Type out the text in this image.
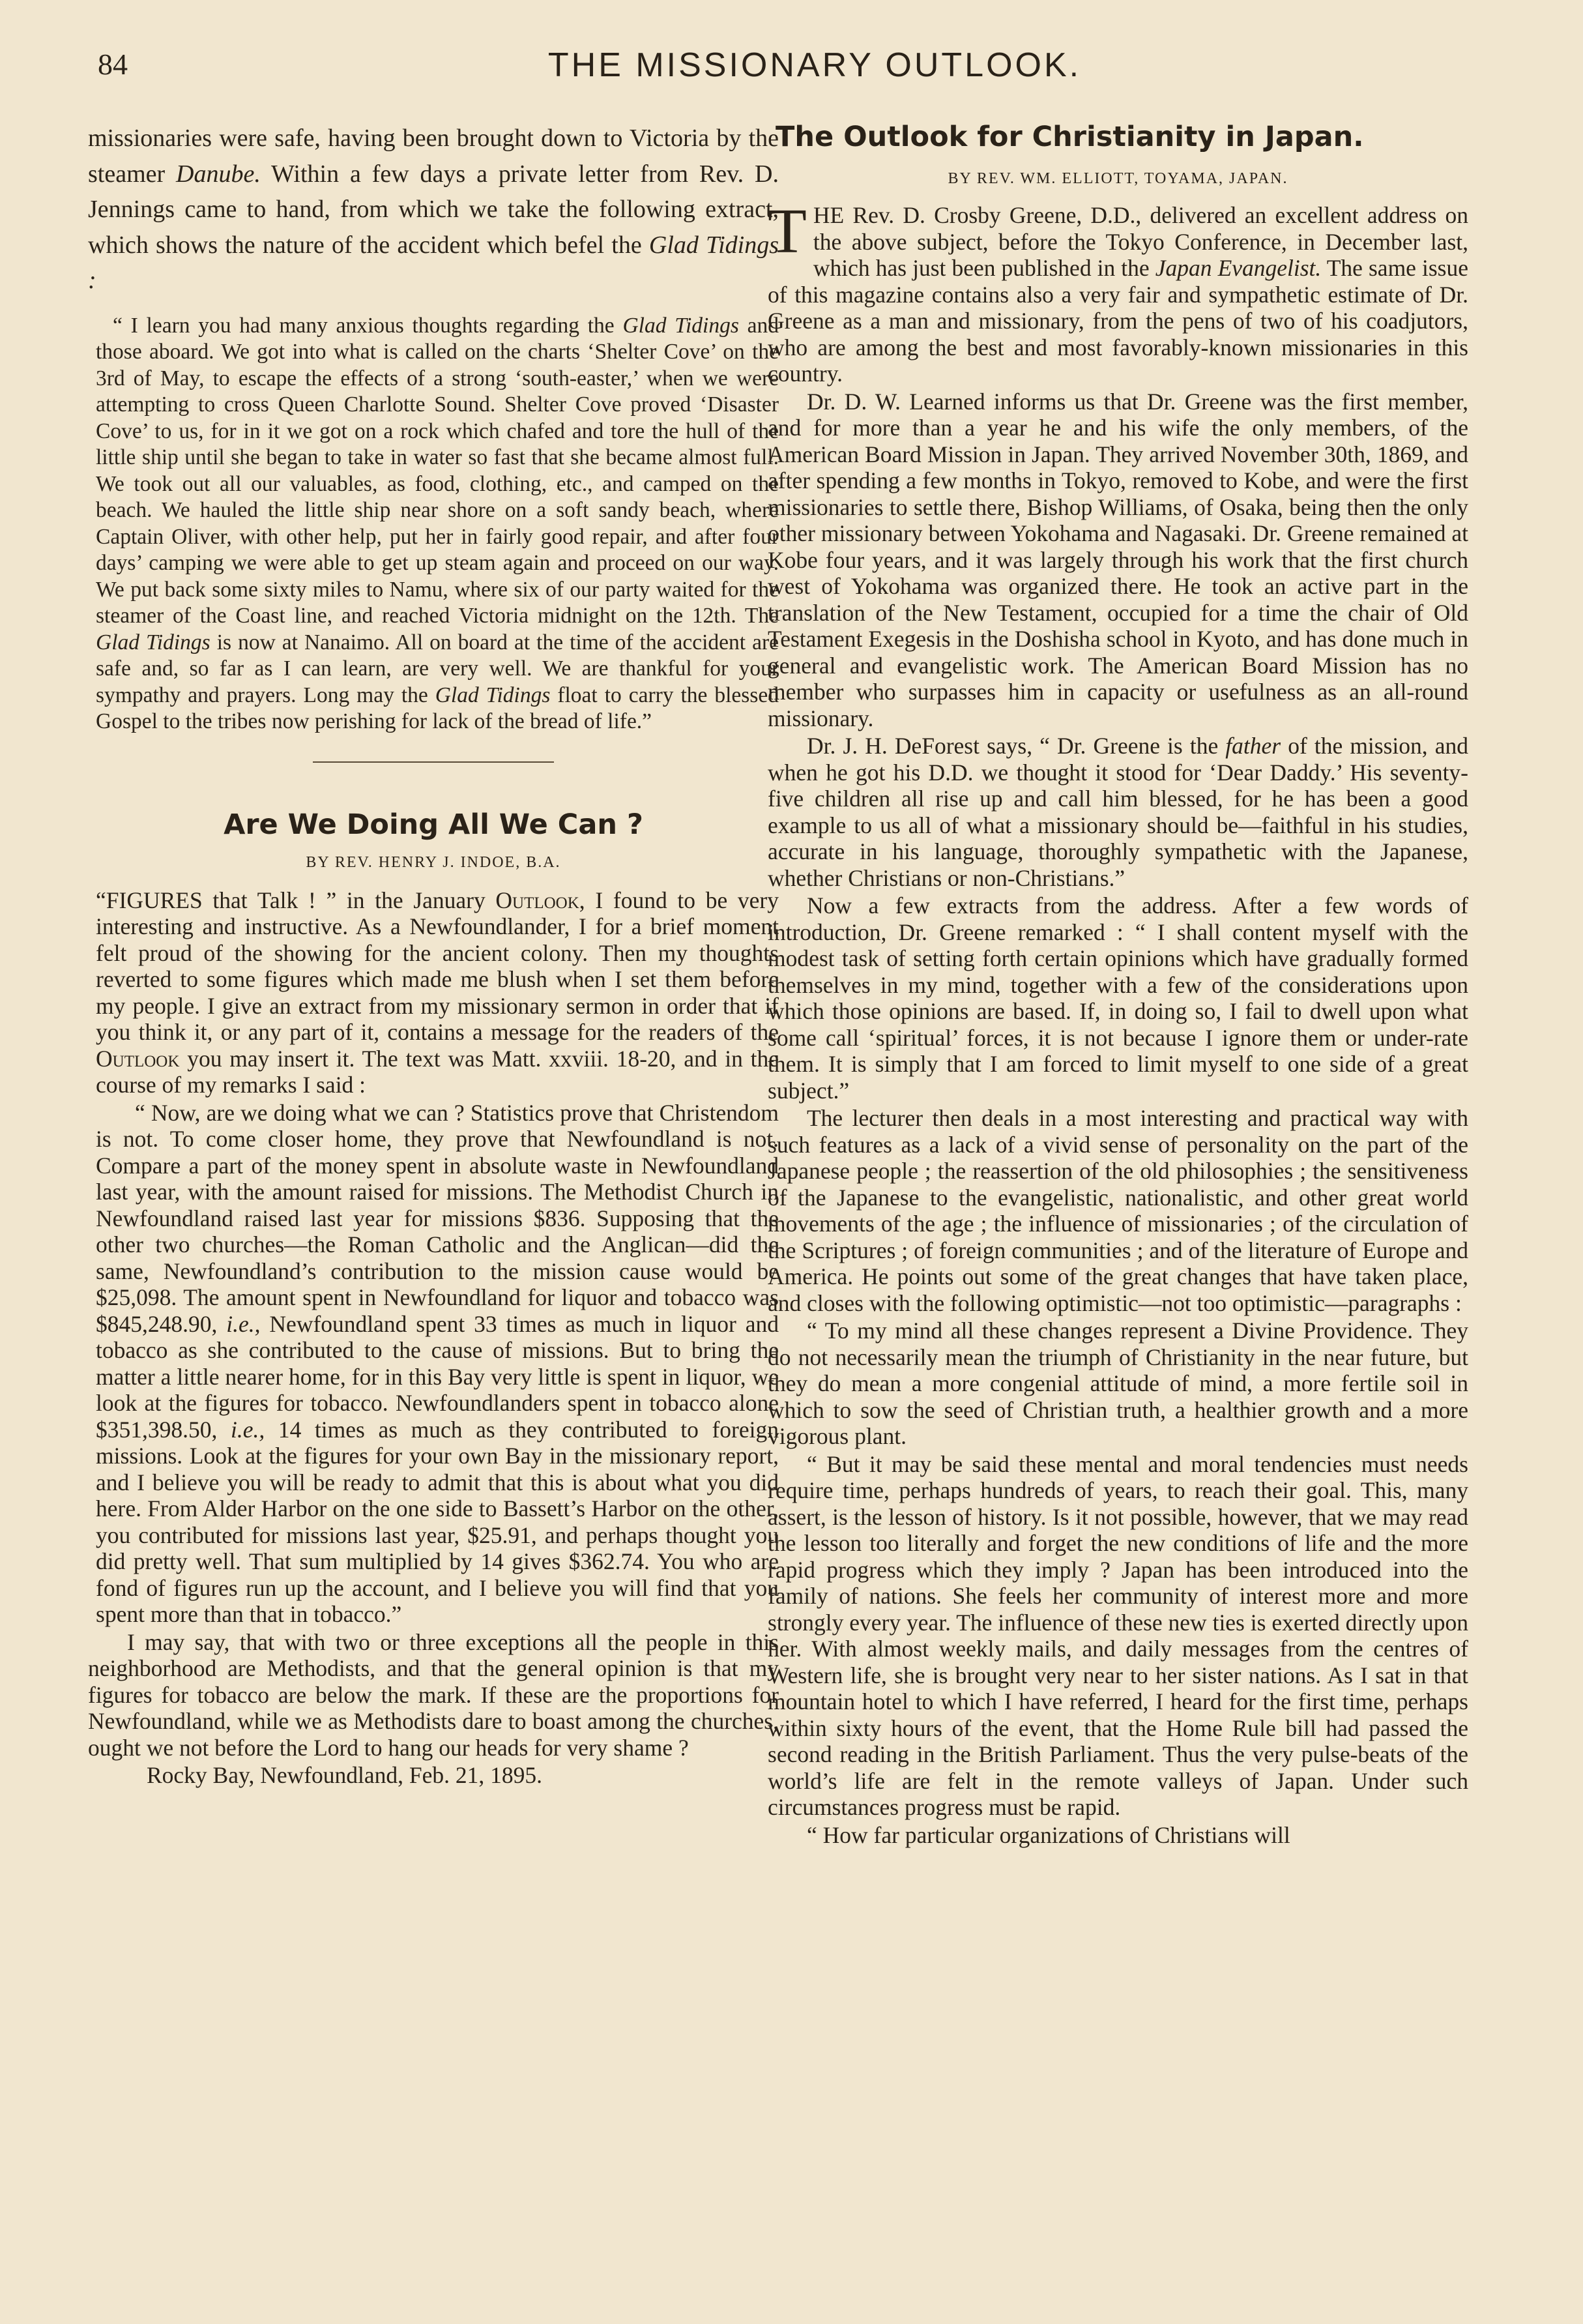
84	THE MISSIONARY OUTLOOK.

missionaries were safe, having been brought down to Victoria by the steamer Danube. Within a few days a private letter from Rev. D. Jennings came to hand, from which we take the following extract, which shows the nature of the accident which befel the Glad Tidings :

“ I learn you had many anxious thoughts regarding the Glad Tidings and those aboard. We got into what is called on the charts ‘Shelter Cove’ on the 3rd of May, to escape the effects of a strong ‘south-easter,’ when we were attempting to cross Queen Charlotte Sound. Shelter Cove proved ‘Disaster Cove’ to us, for in it we got on a rock which chafed and tore the hull of the little ship until she began to take in water so fast that she became almost full. We took out all our valuables, as food, clothing, etc., and camped on the beach. We hauled the little ship near shore on a soft sandy beach, where Captain Oliver, with other help, put her in fairly good repair, and after four days’ camping we were able to get up steam again and proceed on our way. We put back some sixty miles to Namu, where six of our party waited for the steamer of the Coast line, and reached Victoria midnight on the 12th. The Glad Tidings is now at Nanaimo. All on board at the time of the accident are safe and, so far as I can learn, are very well. We are thankful for your sympathy and prayers. Long may the Glad Tidings float to carry the blessed Gospel to the tribes now perishing for lack of the bread of life.”

Are We Doing All We Can ?
BY REV. HENRY J. INDOE, B.A.

“FIGURES that Talk ! ” in the January Outlook, I found to be very interesting and instructive. As a Newfoundlander, I for a brief moment felt proud of the showing for the ancient colony. Then my thoughts reverted to some figures which made me blush when I set them before my people. I give an extract from my missionary sermon in order that if you think it, or any part of it, contains a message for the readers of the Outlook you may insert it. The text was Matt. xxviii. 18-20, and in the course of my remarks I said :

“ Now, are we doing what we can ? Statistics prove that Christendom is not. To come closer home, they prove that Newfoundland is not. Compare a part of the money spent in absolute waste in Newfoundland last year, with the amount raised for missions. The Methodist Church in Newfoundland raised last year for missions $836. Supposing that the other two churches—the Roman Catholic and the Anglican—did the same, Newfoundland’s contribution to the mission cause would be $25,098. The amount spent in Newfoundland for liquor and tobacco was $845,248.90, i.e., Newfoundland spent 33 times as much in liquor and tobacco as she contributed to the cause of missions. But to bring the matter a little nearer home, for in this Bay very little is spent in liquor, we look at the figures for tobacco. Newfoundlanders spent in tobacco alone $351,398.50, i.e., 14 times as much as they contributed to foreign missions. Look at the figures for your own Bay in the missionary report, and I believe you will be ready to admit that this is about what you did here. From Alder Harbor on the one side to Bassett’s Harbor on the other, you contributed for missions last year, $25.91, and perhaps thought you did pretty well. That sum multiplied by 14 gives $362.74. You who are fond of figures run up the account, and I believe you will find that you spent more than that in tobacco.”

I may say, that with two or three exceptions all the people in this neighborhood are Methodists, and that the general opinion is that my figures for tobacco are below the mark. If these are the proportions for Newfoundland, while we as Methodists dare to boast among the churches, ought we not before the Lord to hang our heads for very shame ?

Rocky Bay, Newfoundland, Feb. 21, 1895.

The Outlook for Christianity in Japan.
BY REV. WM. ELLIOTT, TOYAMA, JAPAN.

THE Rev. D. Crosby Greene, D.D., delivered an excellent address on the above subject, before the Tokyo Conference, in December last, which has just been published in the Japan Evangelist. The same issue of this magazine contains also a very fair and sympathetic estimate of Dr. Greene as a man and missionary, from the pens of two of his coadjutors, who are among the best and most favorably-known missionaries in this country.

Dr. D. W. Learned informs us that Dr. Greene was the first member, and for more than a year he and his wife the only members, of the American Board Mission in Japan. They arrived November 30th, 1869, and after spending a few months in Tokyo, removed to Kobe, and were the first missionaries to settle there, Bishop Williams, of Osaka, being then the only other missionary between Yokohama and Nagasaki. Dr. Greene remained at Kobe four years, and it was largely through his work that the first church west of Yokohama was organized there. He took an active part in the translation of the New Testament, occupied for a time the chair of Old Testament Exegesis in the Doshisha school in Kyoto, and has done much in general and evangelistic work. The American Board Mission has no member who surpasses him in capacity or usefulness as an all-round missionary.

Dr. J. H. DeForest says, “ Dr. Greene is the father of the mission, and when he got his D.D. we thought it stood for ‘Dear Daddy.’ His seventy-five children all rise up and call him blessed, for he has been a good example to us all of what a missionary should be—faithful in his studies, accurate in his language, thoroughly sympathetic with the Japanese, whether Christians or non-Christians.”

Now a few extracts from the address. After a few words of introduction, Dr. Greene remarked : “ I shall content myself with the modest task of setting forth certain opinions which have gradually formed themselves in my mind, together with a few of the considerations upon which those opinions are based. If, in doing so, I fail to dwell upon what some call ‘spiritual’ forces, it is not because I ignore them or under-rate them. It is simply that I am forced to limit myself to one side of a great subject.”

The lecturer then deals in a most interesting and practical way with such features as a lack of a vivid sense of personality on the part of the Japanese people ; the reassertion of the old philosophies ; the sensitiveness of the Japanese to the evangelistic, nationalistic, and other great world movements of the age ; the influence of missionaries ; of the circulation of the Scriptures ; of foreign communities ; and of the literature of Europe and America. He points out some of the great changes that have taken place, and closes with the following optimistic—not too optimistic—paragraphs :

“ To my mind all these changes represent a Divine Providence. They do not necessarily mean the triumph of Christianity in the near future, but they do mean a more congenial attitude of mind, a more fertile soil in which to sow the seed of Christian truth, a healthier growth and a more vigorous plant.

“ But it may be said these mental and moral tendencies must needs require time, perhaps hundreds of years, to reach their goal. This, many assert, is the lesson of history. Is it not possible, however, that we may read the lesson too literally and forget the new conditions of life and the more rapid progress which they imply ? Japan has been introduced into the family of nations. She feels her community of interest more and more strongly every year. The influence of these new ties is exerted directly upon her. With almost weekly mails, and daily messages from the centres of Western life, she is brought very near to her sister nations. As I sat in that mountain hotel to which I have referred, I heard for the first time, perhaps within sixty hours of the event, that the Home Rule bill had passed the second reading in the British Parliament. Thus the very pulse-beats of the world’s life are felt in the remote valleys of Japan. Under such circumstances progress must be rapid.

“ How far particular organizations of Christians will
